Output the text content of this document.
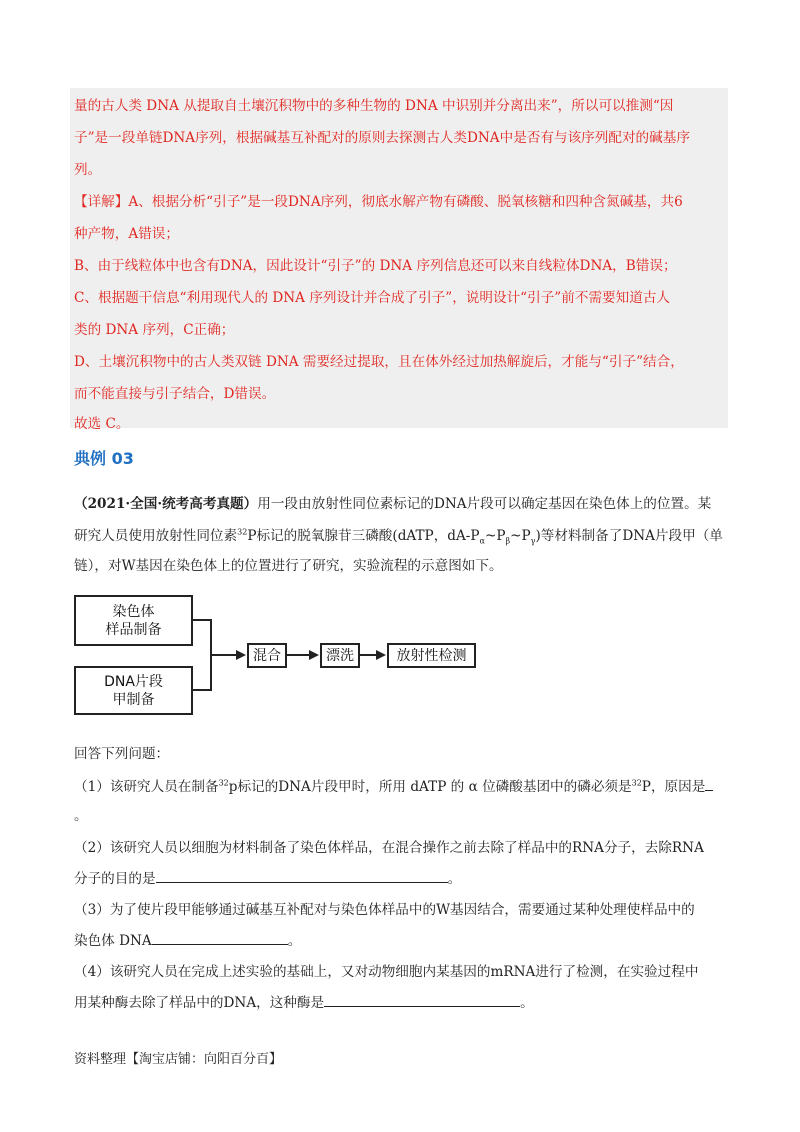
量的古人类 DNA 从提取自土壤沉积物中的多种生物的 DNA 中识别并分离出来”，所以可以推测“因
子”是一段单链DNA序列，根据碱基互补配对的原则去探测古人类DNA中是否有与该序列配对的碱基序
列。
【详解】A、根据分析“引子”是一段DNA序列，彻底水解产物有磷酸、脱氧核糖和四种含氮碱基，共6
种产物，A错误；
B、由于线粒体中也含有DNA，因此设计“引子”的 DNA 序列信息还可以来自线粒体DNA，B错误；
C、根据题干信息“利用现代人的 DNA 序列设计并合成了引子”，说明设计“引子”前不需要知道古人
类的 DNA 序列，C正确；
D、土壤沉积物中的古人类双链 DNA 需要经过提取，且在体外经过加热解旋后，才能与“引子”结合，
而不能直接与引子结合，D错误。
故选 C。
典例 03
（2021·全国·统考高考真题）用一段由放射性同位素标记的DNA片段可以确定基因在染色体上的位置。某
研究人员使用放射性同位素$^{32}$P标记的脱氧腺苷三磷酸(dATP，$dA-P_\alpha\sim P_\beta\sim P_\gamma$)等材料制备了DNA片段甲（单
链），对W基因在染色体上的位置进行了研究，实验流程的示意图如下。
染色体
样品制备
DNA片段
甲制备
混合	漂洗	放射性检测
回答下列问题：
（1）该研究人员在制备$^{32}$p标记的DNA片段甲时，所用 dATP 的 α 位磷酸基团中的磷必须是$^{32}$P，原因是
。
（2）该研究人员以细胞为材料制备了染色体样品，在混合操作之前去除了样品中的RNA分子，去除RNA
分子的目的是	。
（3）为了使片段甲能够通过碱基互补配对与染色体样品中的W基因结合，需要通过某种处理使样品中的
染色体 DNA	。
（4）该研究人员在完成上述实验的基础上，又对动物细胞内某基因的mRNA进行了检测，在实验过程中
用某种酶去除了样品中的DNA，这种酶是	。
资料整理【淘宝店铺：向阳百分百】
